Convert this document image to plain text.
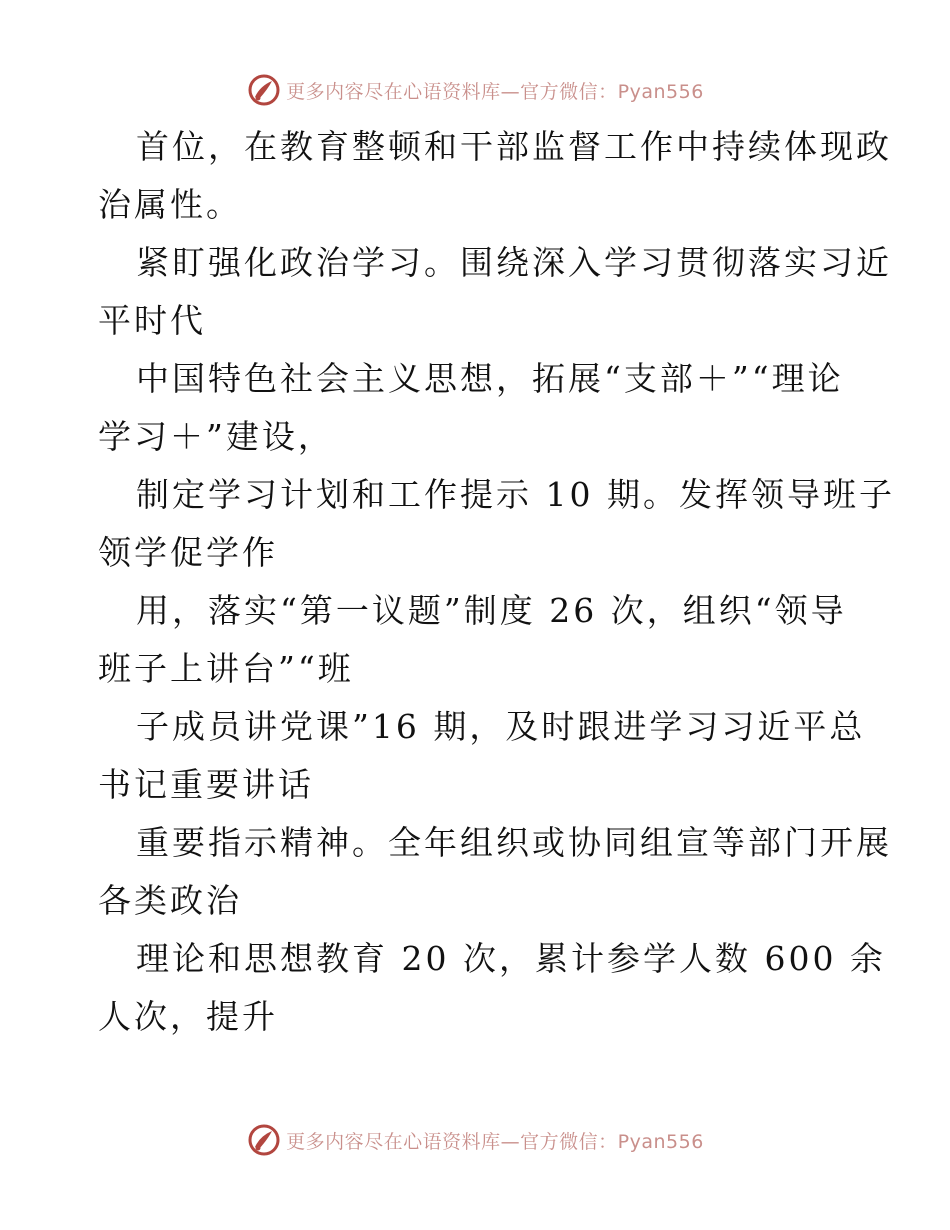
更多内容尽在心语资料库—官方微信：Pyan556
首位，在教育整顿和干部监督工作中持续体现政
治属性。
紧盯强化政治学习。围绕深入学习贯彻落实习近
平时代
中国特色社会主义思想，拓展“支部＋”“理论
学习＋”建设，
制定学习计划和工作提示 10 期。发挥领导班子
领学促学作
用，落实“第一议题”制度 26 次，组织“领导
班子上讲台”“班
子成员讲党课”16 期，及时跟进学习习近平总
书记重要讲话
重要指示精神。全年组织或协同组宣等部门开展
各类政治
理论和思想教育 20 次，累计参学人数 600 余
人次，提升
更多内容尽在心语资料库—官方微信：Pyan556
